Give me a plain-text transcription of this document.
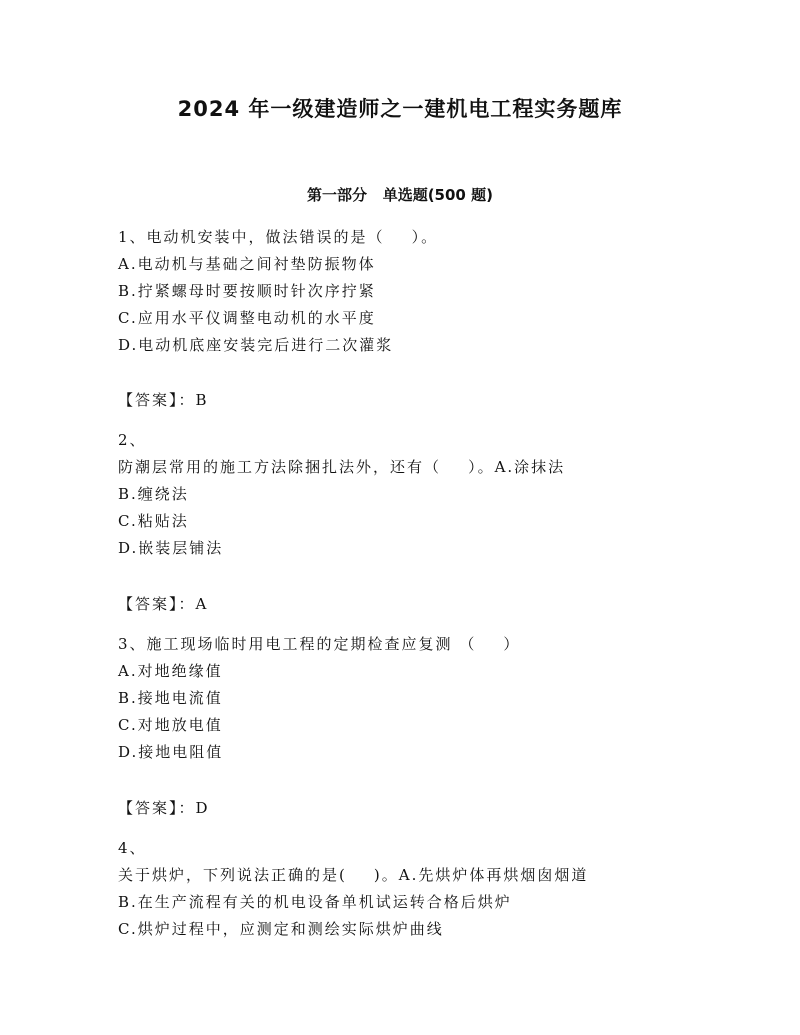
2024 年一级建造师之一建机电工程实务题库
第一部分   单选题(500 题)
1、电动机安装中，做法错误的是（    ）。
A.电动机与基础之间衬垫防振物体
B.拧紧螺母时要按顺时针次序拧紧
C.应用水平仪调整电动机的水平度
D.电动机底座安装完后进行二次灌浆
【答案】：B
2、
防潮层常用的施工方法除捆扎法外，还有（    ）。A.涂抹法
B.缠绕法
C.粘贴法
D.嵌装层铺法
【答案】：A
3、施工现场临时用电工程的定期检查应复测 （    ）
A.对地绝缘值
B.接地电流值
C.对地放电值
D.接地电阻值
【答案】：D
4、
关于烘炉，下列说法正确的是(    )。A.先烘炉体再烘烟囱烟道
B.在生产流程有关的机电设备单机试运转合格后烘炉
C.烘炉过程中，应测定和测绘实际烘炉曲线
